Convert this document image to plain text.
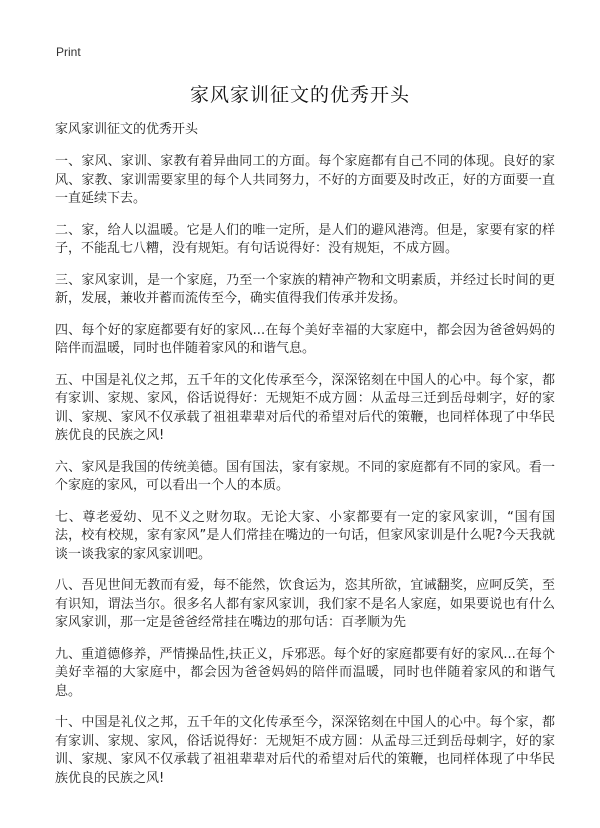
Print
家风家训征文的优秀开头

家风家训征文的优秀开头

一、家风、家训、家教有着异曲同工的方面。每个家庭都有自己不同的体现。良好的家风、家教、家训需要家里的每个人共同努力，不好的方面要及时改正，好的方面要一直一直延续下去。

二、家，给人以温暖。它是人们的唯一定所，是人们的避风港湾。但是，家要有家的样子，不能乱七八糟，没有规矩。有句话说得好：没有规矩，不成方圆。

三、家风家训，是一个家庭，乃至一个家族的精神产物和文明素质，并经过长时间的更新，发展，兼收并蓄而流传至今，确实值得我们传承并发扬。

四、每个好的家庭都要有好的家风...在每个美好幸福的大家庭中，都会因为爸爸妈妈的陪伴而温暖，同时也伴随着家风的和谐气息。

五、中国是礼仪之邦，五千年的文化传承至今，深深铭刻在中国人的心中。每个家，都有家训、家规、家风，俗话说得好：无规矩不成方圆：从孟母三迁到岳母刺字，好的家训、家规、家风不仅承载了祖祖辈辈对后代的希望对后代的策鞭，也同样体现了中华民族优良的民族之风!

六、家风是我国的传统美德。国有国法，家有家规。不同的家庭都有不同的家风。看一个家庭的家风，可以看出一个人的本质。

七、尊老爱幼、见不义之财勿取。无论大家、小家都要有一定的家风家训，“国有国法，校有校规，家有家风”是人们常挂在嘴边的一句话，但家风家训是什么呢?今天我就谈一谈我家的家风家训吧。

八、吾见世间无教而有爱，每不能然，饮食运为，恣其所欲，宜诫翻奖，应呵反笑，至有识知，谓法当尔。很多名人都有家风家训，我们家不是名人家庭，如果要说也有什么家风家训，那一定是爸爸经常挂在嘴边的那句话：百孝顺为先

九、重道德修养，严情操品性,扶正义，斥邪恶。每个好的家庭都要有好的家风...在每个美好幸福的大家庭中，都会因为爸爸妈妈的陪伴而温暖，同时也伴随着家风的和谐气息。

十、中国是礼仪之邦，五千年的文化传承至今，深深铭刻在中国人的心中。每个家，都有家训、家规、家风，俗话说得好：无规矩不成方圆：从孟母三迁到岳母刺字，好的家训、家规、家风不仅承载了祖祖辈辈对后代的希望对后代的策鞭，也同样体现了中华民族优良的民族之风!
